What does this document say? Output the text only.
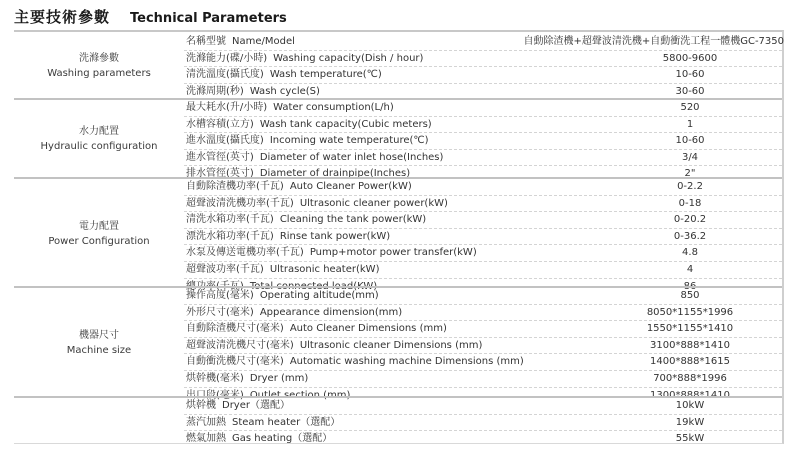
主要技術參數 Technical Parameters
洗滌參數
Washing parameters
名稱型號 Name/Model	自動除渣機+超聲波清洗機+自動衝洗工程一體機GC-7350
洗滌能力(碟/小時) Washing capacity(Dish / hour)	5800-9600
清洗溫度(攝氏度) Wash temperature(℃)	10-60
洗滌周期(秒) Wash cycle(S)	30-60
水力配置
Hydraulic configuration
最大耗水(升/小時) Water consumption(L/h)	520
水槽容積(立方) Wash tank capacity(Cubic meters)	1
進水溫度(攝氏度) Incoming wate temperature(℃)	10-60
進水管徑(英寸) Diameter of water inlet hose(Inches)	3/4
排水管徑(英寸) Diameter of drainpipe(Inches)	2"
電力配置
Power Configuration
自動除渣機功率(千瓦) Auto Cleaner Power(kW)	0-2.2
超聲波清洗機功率(千瓦) Ultrasonic cleaner power(kW)	0-18
清洗水箱功率(千瓦) Cleaning the tank power(kW)	0-20.2
漂洗水箱功率(千瓦) Rinse tank power(kW)	0-36.2
水泵及傳送電機功率(千瓦) Pump+motor power transfer(kW)	4.8
超聲波功率(千瓦) Ultrasonic heater(kW)	4
總功率(千瓦) Total connected load(KW)	86
機器尺寸
Machine size
操作高度(毫米) Operating altitude(mm)	850
外形尺寸(毫米) Appearance dimension(mm)	8050*1155*1996
自動除渣機尺寸(毫米) Auto Cleaner Dimensions (mm)	1550*1155*1410
超聲波清洗機尺寸(毫米) Ultrasonic cleaner Dimensions (mm)	3100*888*1410
自動衝洗機尺寸(毫米) Automatic washing machine Dimensions (mm)	1400*888*1615
烘幹機(毫米) Dryer (mm)	700*888*1996
出口段(毫米) Outlet section (mm)	1300*888*1410
烘幹機 Dryer（選配）	10kW
蒸汽加熱 Steam heater（選配）	19kW
燃氣加熱 Gas heating（選配）	55kW
